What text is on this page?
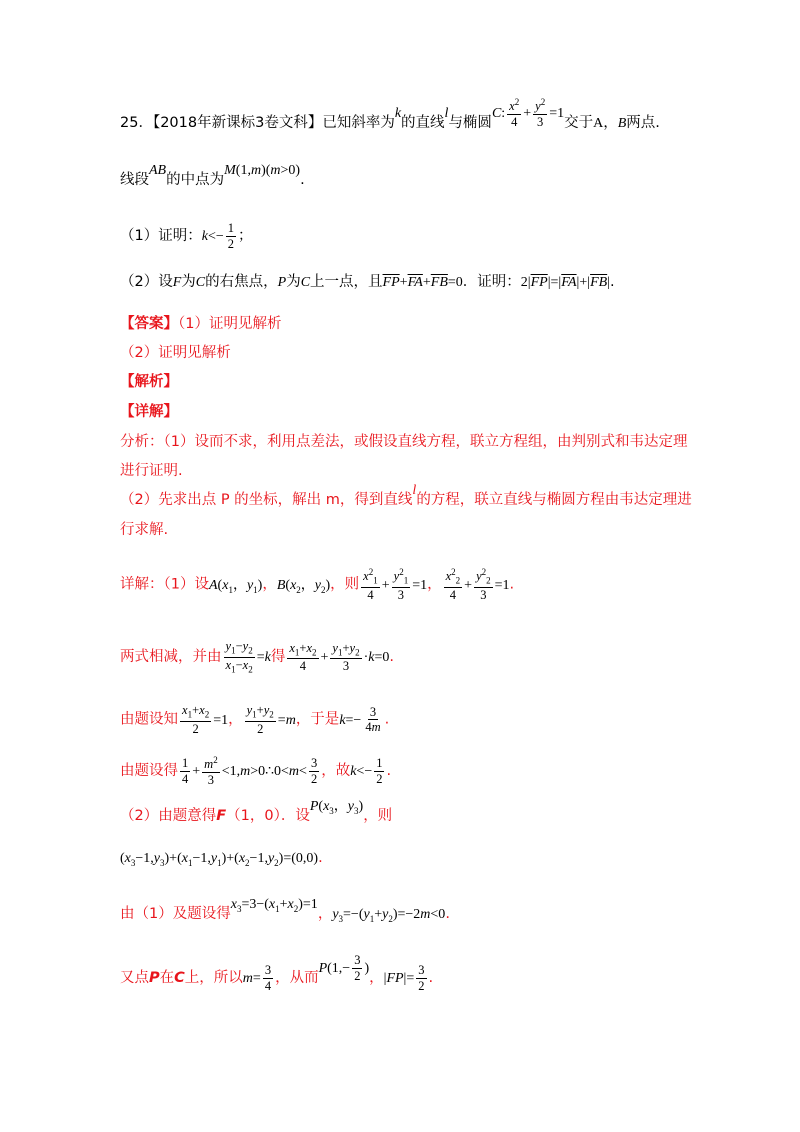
25．【2018年新课标3卷文科】已知斜率为k的直线l与椭圆C: $\frac{x^2}{4} + \frac{y^2}{3} =1$交于A，B两点.
线段AB的中点为M(1,m)(m>0).
（1）证明：$k<- \frac{1}{2}$ ；
（2）设F为C的右焦点，P为C上一点，且$\overline{FP}+\overline{FA}+\overline{FB}=0$．证明：$2|\overline{FP}|=|\overline{FA}|+|\overline{FB}|$.
【答案】（1）证明见解析
（2）证明见解析
【解析】
【详解】
分析：（1）设而不求，利用点差法，或假设直线方程，联立方程组，由判别式和韦达定理
进行证明.
（2）先求出点 P 的坐标，解出 m，得到直线l的方程，联立直线与椭圆方程由韦达定理进
行求解.
详解：（1）设$A(x_1$，$y_1$)，$B(x_2$，$y_2$)，则 $\frac{x^2_1}{4} + \frac{y^2_1}{3} =1$， $\frac{x^2_2}{4} + \frac{y^2_2}{3} =1$.
两式相减，并由 $\frac{y_1-y_2}{x_1-x_2} =k$得 $\frac{x_1+x_2}{4} + \frac{y_1+y_2}{3} \cdot k=0$.
由题设知 $\frac{x_1+x_2}{2} =1$， $\frac{y_1+y_2}{2} =m$，于是$k=- \frac{3}{4m}$ .
由题设得 $\frac{1}{4} + \frac{m^2}{3}$ <1,m>0∴0<m< $\frac{3}{2}$ ，故$k<- \frac{1}{2}$ .
（2）由题意得F（1，0）．设$P(x_3$，$y_3$)，则
$(x_3-1,y_3)+(x_1-1,y_1)+(x_2-1,y_2)=(0,0)$.
由（1）及题设得$x_3=3-(x_1+x_2)=1$，$y_3=-(y_1+y_2)=-2m<0$.
又点P在C上，所以$m= \frac{3}{4}$ ，从而$P(1,- \frac{3}{2}$ )，$|FP|= \frac{3}{2}$ .
